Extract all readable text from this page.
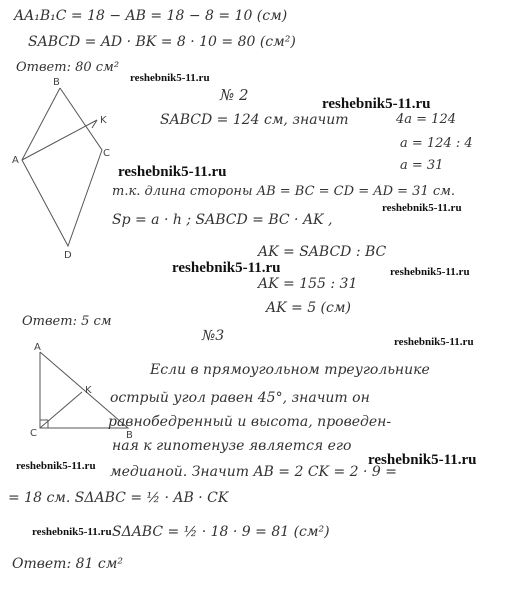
B
K
A
C
D
A
K
C	B
AA₁B₁C = 18 − AB = 18 − 8 = 10 (см)
SABCD = AD · BK = 8 · 10 = 80 (см²)
Ответ: 80 см²
№ 2
SABCD = 124 см, значит	4a = 124
a = 124 : 4
a = 31
т.к. длина стороны AB = BC = CD = AD = 31 см.
Sр = a · h ; SABCD = BC · AK ,
AK = SABCD : BC
AK = 155 : 31
AK = 5 (см)
Ответ: 5 см
№3
Если в прямоугольном треугольнике
острый угол равен 45°, значит он
равнобедренный и высота, проведен-
ная к гипотенузе является его
медианой. Значит AB = 2 CK = 2 · 9 =
= 18 см. SΔABC = ½ · AB · CK
SΔABC = ½ · 18 · 9 = 81 (см²)
Ответ: 81 см²
reshebnik5-11.ru
reshebnik5-11.ru
reshebnik5-11.ru
reshebnik5-11.ru
reshebnik5-11.ru	reshebnik5-11.ru
reshebnik5-11.ru
reshebnik5-11.ru	reshebnik5-11.ru
reshebnik5-11.ru
